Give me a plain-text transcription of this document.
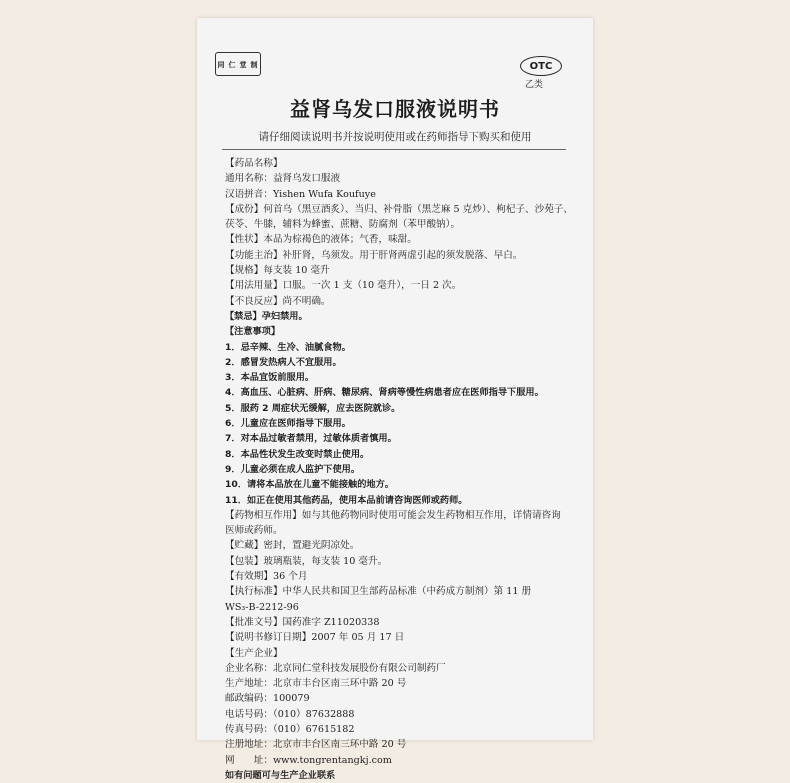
同 仁 堂 制	OTC
乙类
益肾乌发口服液说明书
请仔细阅读说明书并按说明使用或在药师指导下购买和使用
【药品名称】
通用名称：益肾乌发口服液
汉语拼音：Yishen Wufa Koufuye
【成份】何首乌（黑豆酒炙）、当归、补骨脂（黑芝麻 5 克炒）、枸杞子、沙苑子、
茯苓、牛膝，辅料为蜂蜜、蔗糖、防腐剂（苯甲酸钠）。
【性状】本品为棕褐色的液体；气香，味甜。
【功能主治】补肝肾，乌须发。用于肝肾两虚引起的须发脱落、早白。
【规格】每支装 10 毫升
【用法用量】口服。一次 1 支（10 毫升），一日 2 次。
【不良反应】尚不明确。
【禁忌】孕妇禁用。
【注意事项】
1．忌辛辣、生冷、油腻食物。
2．感冒发热病人不宜服用。
3．本品宜饭前服用。
4．高血压、心脏病、肝病、糖尿病、肾病等慢性病患者应在医师指导下服用。
5．服药 2 周症状无缓解，应去医院就诊。
6．儿童应在医师指导下服用。
7．对本品过敏者禁用，过敏体质者慎用。
8．本品性状发生改变时禁止使用。
9．儿童必须在成人监护下使用。
10．请将本品放在儿童不能接触的地方。
11．如正在使用其他药品，使用本品前请咨询医师或药师。
【药物相互作用】如与其他药物同时使用可能会发生药物相互作用，详情请咨询
医师或药师。
【贮藏】密封，置避光阴凉处。
【包装】玻璃瓶装，每支装 10 毫升。
【有效期】36 个月
【执行标准】中华人民共和国卫生部药品标准（中药成方制剂）第 11 册
WS₃-B-2212-96
【批准文号】国药准字 Z11020338
【说明书修订日期】2007 年 05 月 17 日
【生产企业】
企业名称：北京同仁堂科技发展股份有限公司制药厂
生产地址：北京市丰台区南三环中路 20 号
邮政编码：100079
电话号码：（010）87632888
传真号码：（010）67615182
注册地址：北京市丰台区南三环中路 20 号
网　　址：www.tongrentangkj.com
如有问题可与生产企业联系
